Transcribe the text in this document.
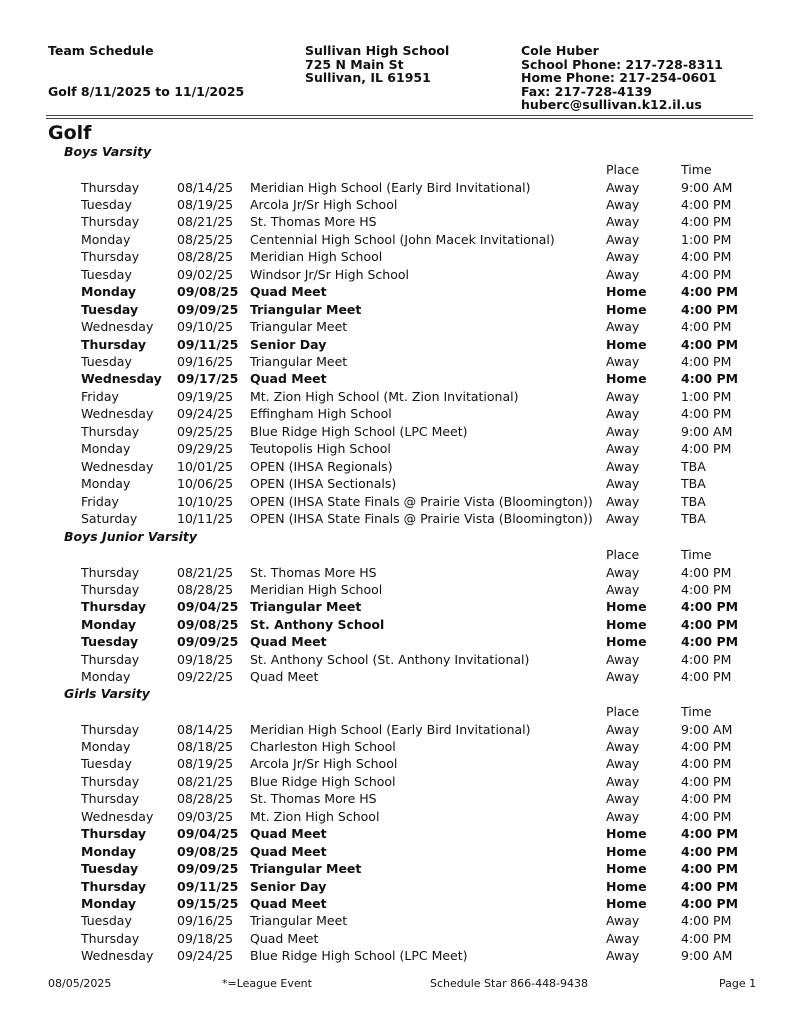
Team Schedule
Golf 8/11/2025 to 11/1/2025
Sullivan High School
725 N Main St
Sullivan, IL 61951
Cole Huber
School Phone: 217-728-8311
Home Phone: 217-254-0601
Fax: 217-728-4139
huberc@sullivan.k12.il.us
Golf
Boys Varsity
Place	Time
Thursday	08/14/25 Meridian High School (Early Bird Invitational)	Away	9:00 AM
Tuesday	08/19/25 Arcola Jr/Sr High School	Away	4:00 PM
Thursday	08/21/25 St. Thomas More HS	Away	4:00 PM
Monday	08/25/25 Centennial High School (John Macek Invitational)	Away	1:00 PM
Thursday	08/28/25 Meridian High School	Away	4:00 PM
Tuesday	09/02/25 Windsor Jr/Sr High School	Away	4:00 PM
Monday	09/08/25 Quad Meet	Home	4:00 PM
Tuesday	09/09/25 Triangular Meet	Home	4:00 PM
Wednesday 09/10/25 Triangular Meet	Away	4:00 PM
Thursday 09/11/25 Senior Day	Home	4:00 PM
Tuesday	09/16/25 Triangular Meet	Away	4:00 PM
Wednesday 09/17/25 Quad Meet	Home	4:00 PM
Friday	09/19/25 Mt. Zion High School (Mt. Zion Invitational)	Away	1:00 PM
Wednesday 09/24/25 Effingham High School	Away	4:00 PM
Thursday	09/25/25 Blue Ridge High School (LPC Meet)	Away	9:00 AM
Monday	09/29/25 Teutopolis High School	Away	4:00 PM
Wednesday 10/01/25 OPEN (IHSA Regionals)	Away	TBA
Monday	10/06/25 OPEN (IHSA Sectionals)	Away	TBA
Friday	10/10/25 OPEN (IHSA State Finals @ Prairie Vista (Bloomington)) Away	TBA
Saturday	10/11/25 OPEN (IHSA State Finals @ Prairie Vista (Bloomington)) Away	TBA
Boys Junior Varsity
Place	Time
Thursday	08/21/25 St. Thomas More HS	Away	4:00 PM
Thursday	08/28/25 Meridian High School	Away	4:00 PM
Thursday 09/04/25 Triangular Meet	Home	4:00 PM
Monday	09/08/25 St. Anthony School	Home	4:00 PM
Tuesday	09/09/25 Quad Meet	Home	4:00 PM
Thursday	09/18/25 St. Anthony School (St. Anthony Invitational)	Away	4:00 PM
Monday	09/22/25 Quad Meet	Away	4:00 PM
Girls Varsity
Place	Time
Thursday	08/14/25 Meridian High School (Early Bird Invitational)	Away	9:00 AM
Monday	08/18/25 Charleston High School	Away	4:00 PM
Tuesday	08/19/25 Arcola Jr/Sr High School	Away	4:00 PM
Thursday	08/21/25 Blue Ridge High School	Away	4:00 PM
Thursday	08/28/25 St. Thomas More HS	Away	4:00 PM
Wednesday 09/03/25 Mt. Zion High School	Away	4:00 PM
Thursday 09/04/25 Quad Meet	Home	4:00 PM
Monday	09/08/25 Quad Meet	Home	4:00 PM
Tuesday	09/09/25 Triangular Meet	Home	4:00 PM
Thursday 09/11/25 Senior Day	Home	4:00 PM
Monday	09/15/25 Quad Meet	Home	4:00 PM
Tuesday	09/16/25 Triangular Meet	Away	4:00 PM
Thursday	09/18/25 Quad Meet	Away	4:00 PM
Wednesday 09/24/25 Blue Ridge High School (LPC Meet)	Away	9:00 AM
08/05/2025	*=League Event	Schedule Star 866-448-9438	Page 1
